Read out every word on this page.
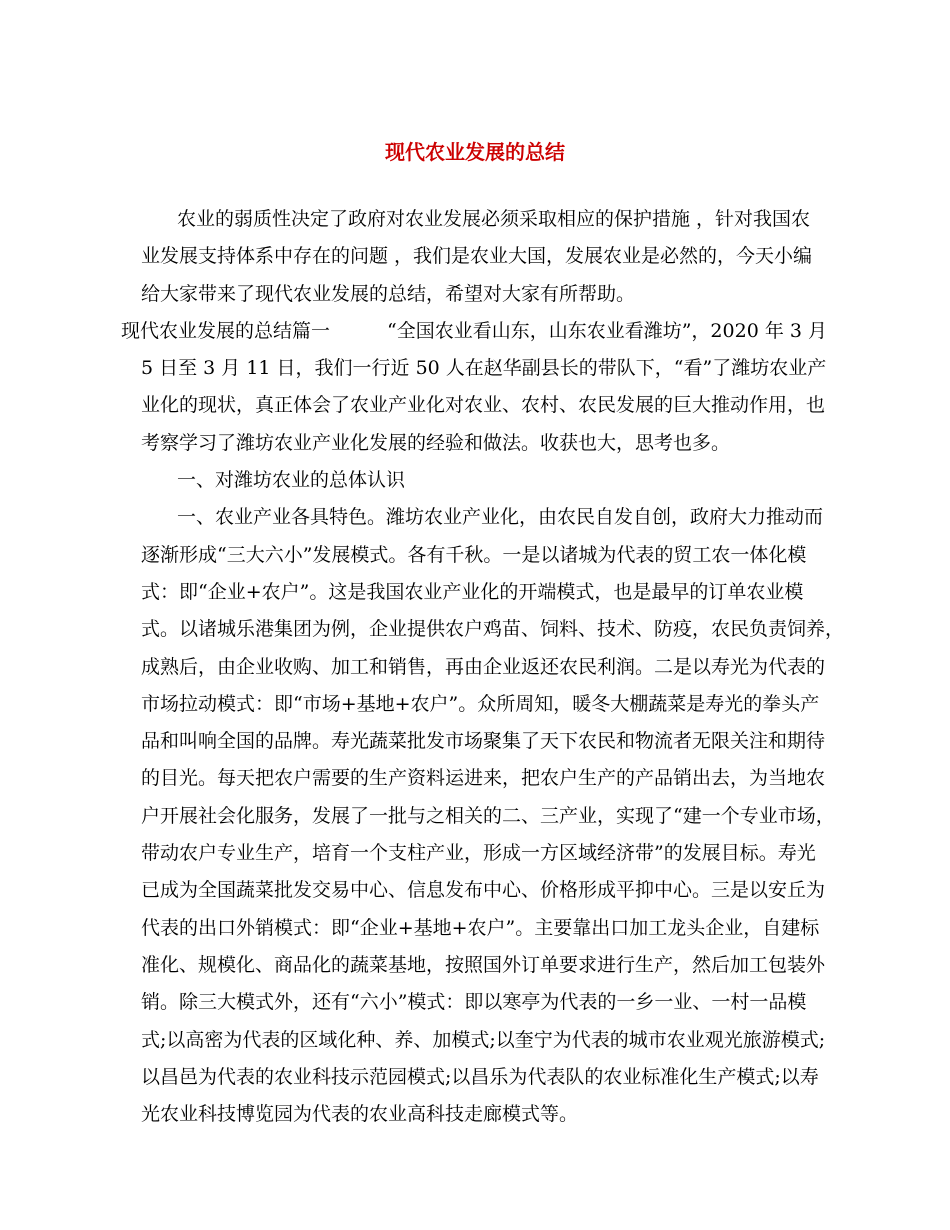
现代农业发展的总结
农业的弱质性决定了政府对农业发展必须采取相应的保护措施 ，针对我国农
业发展支持体系中存在的问题 ，我们是农业大国，发展农业是必然的，今天小编
给大家带来了现代农业发展的总结，希望对大家有所帮助。
现代农业发展的总结篇一　　　“全国农业看山东，山东农业看潍坊”，2020 年 3 月
5 日至 3 月 11 日，我们一行近 50 人在赵华副县长的带队下，“看”了潍坊农业产
业化的现状，真正体会了农业产业化对农业、农村、农民发展的巨大推动作用，也
考察学习了潍坊农业产业化发展的经验和做法。收获也大，思考也多。
一、对潍坊农业的总体认识
一、农业产业各具特色。潍坊农业产业化，由农民自发自创，政府大力推动而
逐渐形成“三大六小”发展模式。各有千秋。一是以诸城为代表的贸工农一体化模
式：即“企业+农户”。这是我国农业产业化的开端模式，也是最早的订单农业模
式。以诸城乐港集团为例，企业提供农户鸡苗、饲料、技术、防疫，农民负责饲养，
成熟后，由企业收购、加工和销售，再由企业返还农民利润。二是以寿光为代表的
市场拉动模式：即“市场+基地+农户”。众所周知，暖冬大棚蔬菜是寿光的拳头产
品和叫响全国的品牌。寿光蔬菜批发市场聚集了天下农民和物流者无限关注和期待
的目光。每天把农户需要的生产资料运进来，把农户生产的产品销出去，为当地农
户开展社会化服务，发展了一批与之相关的二、三产业，实现了“建一个专业市场，
带动农户专业生产，培育一个支柱产业，形成一方区域经济带”的发展目标。寿光
已成为全国蔬菜批发交易中心、信息发布中心、价格形成平抑中心。三是以安丘为
代表的出口外销模式：即“企业+基地+农户”。主要靠出口加工龙头企业，自建标
准化、规模化、商品化的蔬菜基地，按照国外订单要求进行生产，然后加工包装外
销。除三大模式外，还有“六小”模式：即以寒亭为代表的一乡一业、一村一品模
式;以高密为代表的区域化种、养、加模式;以奎宁为代表的城市农业观光旅游模式;
以昌邑为代表的农业科技示范园模式;以昌乐为代表队的农业标准化生产模式;以寿
光农业科技博览园为代表的农业高科技走廊模式等。
